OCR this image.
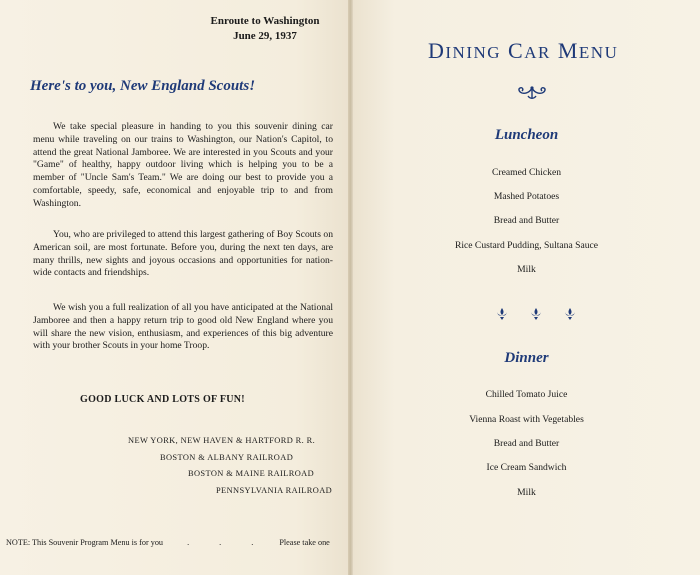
Enroute to Washington
June 29, 1937
Here's to you, New England Scouts!

We take special pleasure in handing to you this souvenir dining car menu while traveling on our trains to Washington, our Nation's Capitol, to attend the great National Jamboree. We are interested in you Scouts and your "Game" of healthy, happy outdoor living which is helping you to be a member of "Uncle Sam's Team." We are doing our best to provide you a comfortable, speedy, safe, economical and enjoyable trip to and from Washington.

You, who are privileged to attend this largest gathering of Boy Scouts on American soil, are most fortunate. Before you, during the next ten days, are many thrills, new sights and joyous occasions and opportunities for nation-wide contacts and friendships.

We wish you a full realization of all you have anticipated at the National Jamboree and then a happy return trip to good old New England where you will share the new vision, enthusiasm, and experiences of this big adventure with your brother Scouts in your home Troop.

GOOD LUCK AND LOTS OF FUN!
NEW YORK, NEW HAVEN & HARTFORD R. R.
BOSTON & ALBANY RAILROAD
BOSTON & MAINE RAILROAD
PENNSYLVANIA RAILROAD
NOTE: This Souvenir Program Menu is for you	. . . Please take one
DINING CAR MENU
Luncheon
Creamed Chicken
Mashed Potatoes
Bread and Butter
Rice Custard Pudding, Sultana Sauce
Milk
Dinner
Chilled Tomato Juice
Vienna Roast with Vegetables
Bread and Butter
Ice Cream Sandwich
Milk
